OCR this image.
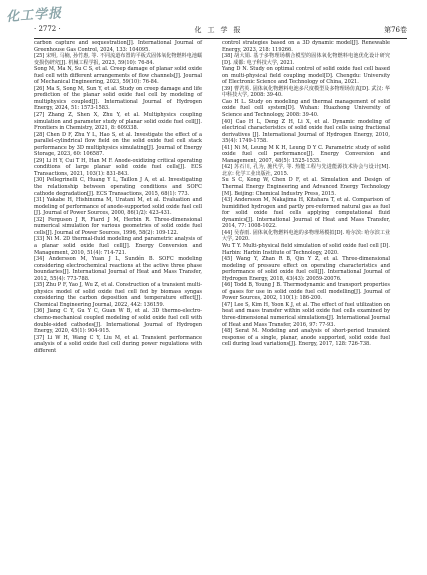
化工学报
· 2772 ·	化工学报	第76卷

carbon capture and sequestration[J]. International Journal of Greenhouse Gas Control, 2024, 133: 104095.

[25] 宋明, 马楠, 孙竹惠, 等. 不同流道布置的平板式固体氧化物燃料电池蠕变损伤研究[J]. 机械工程学报, 2023, 59(10): 76-84.

Song M, Ma N, Su C S, et al. Creep damage of planar solid oxide fuel cell with different arrangements of flow channels[J]. Journal of Mechanical Engineering, 2023, 59(10): 76-84.

[26] Ma S, Song M, Sun Y, et al. Study on creep damage and life prediction of the planar solid oxide fuel cell by modeling of multiphysics coupled[J]. International Journal of Hydrogen Energy, 2024, 51: 1573-1583.

[27] Zhang Z, Shen X, Zhu Y, et al. Multiphysics coupling simulation and parameter study of planar solid oxide fuel cell[J]. Frontiers in Chemistry, 2021, 8: 609338.

[28] Chen D F, Zhu Y L, Hao S, et al. Investigate the effect of a parallel-cylindrical flow field on the solid oxide fuel cell stack performance by 3D multiphysics simulating[J]. Journal of Energy Storage, 2023, 60: 106587.

[29] Li H Y, Cui T H, Han M F. Anode-oxidizing critical operating conditions of large planar solid oxide fuel cells[J]. ECS Transactions, 2021, 103(1): 831-843.

[30] Pellegrinelli C, Huang Y L, Taillon J A, et al. Investigating the relationship between operating conditions and SOFC cathode degradation[J]. ECS Transactions, 2015, 68(1): 773.

[31] Yakabe H, Hishinuma M, Uratani M, et al. Evaluation and modeling of performance of anode-supported solid oxide fuel cell [J]. Journal of Power Sources, 2000, 86(1/2): 423-431.

[32] Ferguson J R, Fiard J M, Herbin R. Three-dimensional numerical simulation for various geometries of solid oxide fuel cells[J]. Journal of Power Sources, 1996, 58(2): 109-122.

[33] Ni M. 2D thermal-fluid modeling and parametric analysis of a planar solid oxide fuel cell[J]. Energy Conversion and Management, 2010, 51(4): 714-721.

[34] Andersson M, Yuan J L, Sundén B. SOFC modeling considering electrochemical reactions at the active three phase boundaries[J]. International Journal of Heat and Mass Transfer, 2012, 55(4): 773-788.

[35] Zhu P F, Yao J, Wu Z, et al. Construction of a transient multi-physics model of solid oxide fuel cell fed by biomass syngas considering the carbon deposition and temperature effect[J]. Chemical Engineering Journal, 2022, 442: 136159.

[36] Jiang C Y, Gu Y C, Guan W B, et al. 3D thermo-electro-chemo-mechanical coupled modeling of solid oxide fuel cell with double-sided cathodes[J]. International Journal of Hydrogen Energy, 2020, 45(1): 904-915.

[37] Li W H, Wang C Y, Liu M, et al. Transient performance analysis of a solid oxide fuel cell during power regulations with different

control strategies based on a 3D dynamic model[J]. Renewable Energy, 2023, 218: 119266.

[38] 胡大娟. 基于多物理场耦合模型的固体氧化物燃料电池优化设计研究[D]. 成都: 电子科技大学, 2021.

Yang D N. Study on optimal control of solid oxide fuel cell based on multi-physical field coupling model[D]. Chengdu: University of Electronic Science and Technology of China, 2021.

[39] 曹君英. 固体氧化物燃料电池多尺度模型及多物理场仿真[D]. 武汉: 华中科技大学, 2008: 39-40.

Cao H L. Study on modeling and thermal management of solid oxide fuel cell system[D]. Wuhan: Huazhong University of Science and Technology, 2008: 39-40.

[40] Cao H L, Deng Z H, Li X, et al. Dynamic modeling of electrical characteristics of solid oxide fuel cells using fractional derivatives [J]. International Journal of Hydrogen Energy, 2010, 35(4): 1749-1758.

[41] Ni M, Leung M K H, Leung D Y C. Parametric study of solid oxide fuel cell performance[J]. Energy Conversion and Management, 2007, 48(5): 1525-1535.

[42] 苏石川, 孔为, 施代学, 等. 热能工程与先进能源技术协会与设计[M]. 北京: 化学工业出版社, 2015.

Su S C, Kong W, Chen D F, et al. Simulation and Design of Thermal Energy Engineering and Advanced Energy Technology [M]. Beijing: Chemical Industry Press, 2015.

[43] Andersson M, Nakajima H, Kitahara T, et al. Comparison of humidified hydrogen and partly pre-reformed natural gas as fuel for solid oxide fuel cells applying computational fluid dynamics[J]. International Journal of Heat and Mass Transfer, 2014, 77: 1008-1022.

[44] 吴春雨. 固体氧化物燃料电池的多物理场模拟[D]. 哈尔滨: 哈尔滨工业大学, 2020.

Wu T Y. Multi-physical field simulation of solid oxide fuel cell [D]. Harbin: Harbin Institute of Technology, 2020.

[45] Wang Y, Zhan R B, Qin Y Z, et al. Three-dimensional modeling of pressure effect on operating characteristics and performance of solid oxide fuel cell[J]. International Journal of Hydrogen Energy, 2018, 43(43): 20059-20076.

[46] Todd B, Young J B. Thermodynamic and transport properties of gases for use in solid oxide fuel cell modelling[J]. Journal of Power Sources, 2002, 110(1): 186-200.

[47] Lee S, Kim H, Yoon K J, et al. The effect of fuel utilization on heat and mass transfer within solid oxide fuel cells examined by three-dimensional numerical simulations[J]. International Journal of Heat and Mass Transfer, 2016, 97: 77-93.

[48] Serat M. Modeling and analysis of short-period transient response of a single, planar, anode supported, solid oxide fuel cell during load variations[J]. Energy, 2017, 128: 726-738.
